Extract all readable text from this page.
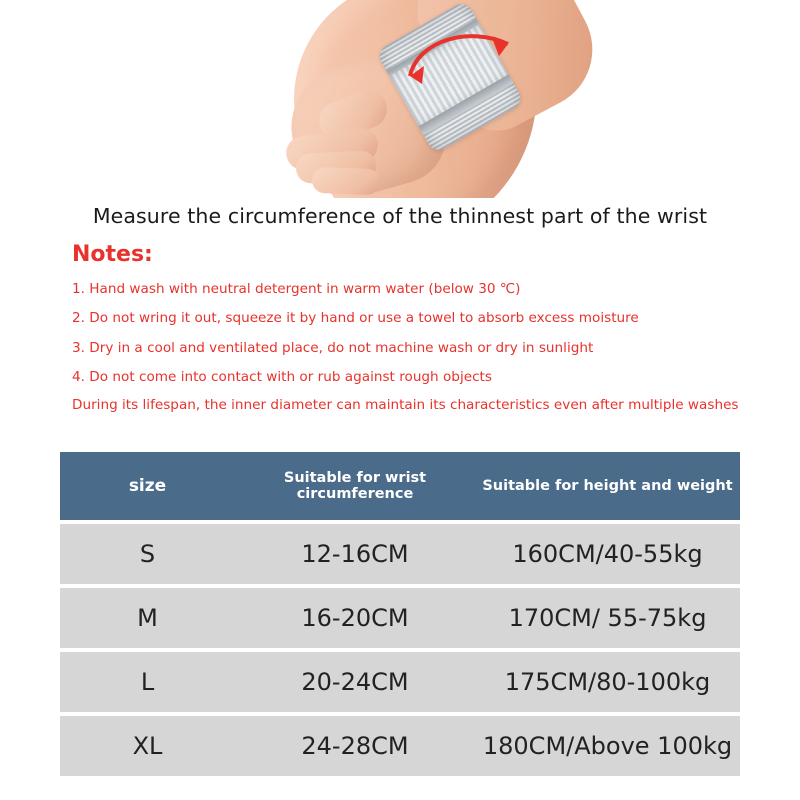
Measure the circumference of the thinnest part of the wrist

Notes:

1. Hand wash with neutral detergent in warm water (below 30 ℃)

2. Do not wring it out, squeeze it by hand or use a towel to absorb excess moisture

3. Dry in a cool and ventilated place, do not machine wash or dry in sunlight

4. Do not come into contact with or rub against rough objects

During its lifespan, the inner diameter can maintain its characteristics even after multiple washes

size	Suitable for wrist circumference	Suitable for height and weight
S	12-16CM	160CM/40-55kg
M	16-20CM	170CM/ 55-75kg
L	20-24CM	175CM/80-100kg
XL	24-28CM	180CM/Above 100kg
